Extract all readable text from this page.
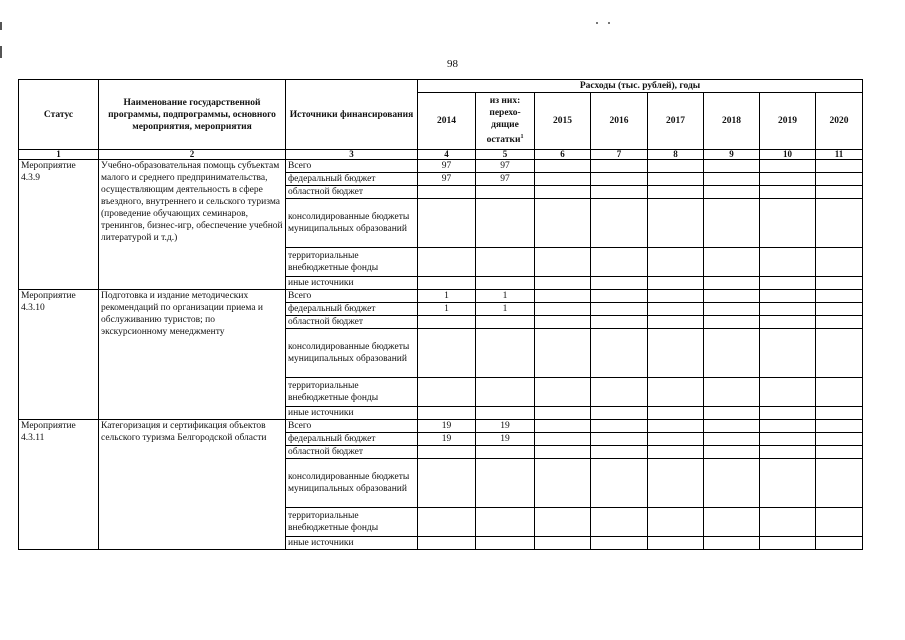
98
Статус	Наименование государственной программы, подпрограммы, основного мероприятия, мероприятия	Источники финансирования	Расходы (тыс. рублей), годы							
			2014	из них: перехо-дящие остатки$^1$	2015	2016	2017	2018	2019	2020
1	2	3	4	5	6	7	8	9	10	11
Мероприятие 4.3.9	Учебно-образовательная помощь субъектам малого и среднего предпринимательства, осуществляющим деятельность в сфере въездного, внутреннего и сельского туризма (проведение обучающих семинаров, тренингов, бизнес-игр, обеспечение учебной литературой и т.д.)	Всего	97	97						
		федеральный бюджет	97	97						
		областной бюджет								
		консолидированные бюджеты муниципальных образований								
		территориальные внебюджетные фонды								
		иные источники								
Мероприятие 4.3.10	Подготовка и издание методических рекомендаций по организации приема и обслуживанию туристов; по экскурсионному менеджменту	Всего	1	1						
		федеральный бюджет	1	1						
		областной бюджет								
		консолидированные бюджеты муниципальных образований								
		территориальные внебюджетные фонды								
		иные источники								
Мероприятие 4.3.11	Категоризация и сертификация объектов сельского туризма Белгородской области	Всего	19	19						
		федеральный бюджет	19	19						
		областной бюджет								
		консолидированные бюджеты муниципальных образований								
		территориальные внебюджетные фонды								
		иные источники								
